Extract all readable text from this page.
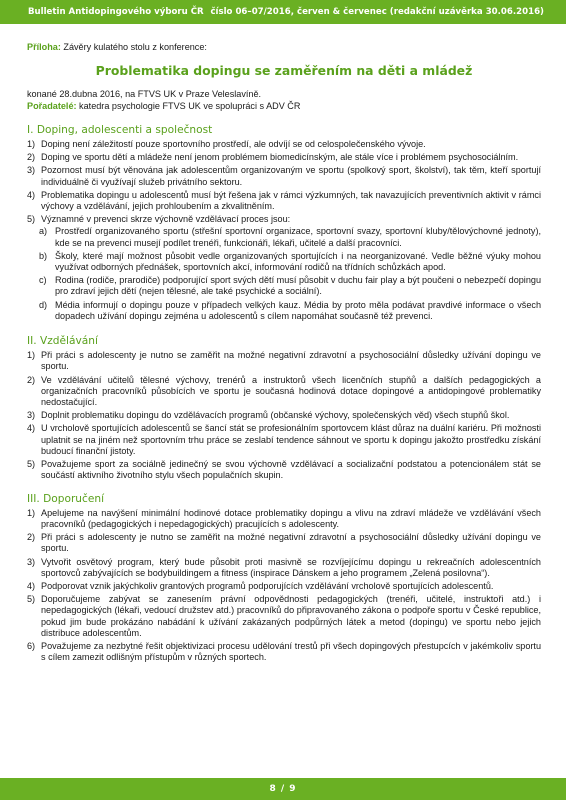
Bulletin Antidopingového výboru ČR číslo 06–07/2016, červen & červenec (redakční uzávěrka 30.06.2016)

Příloha: Závěry kulatého stolu z konference:

Problematika dopingu se zaměřením na děti a mládež

konané 28.dubna 2016, na FTVS UK v Praze Veleslavíně.

Pořadatelé: katedra psychologie FTVS UK ve spolupráci s ADV ČR

I. Doping, adolescenti a společnost
1) Doping není záležitostí pouze sportovního prostředí, ale odvíjí se od celospolečenského vývoje.
2) Doping ve sportu dětí a mládeže není jenom problémem biomedicínským, ale stále více i problémem psychosociálním.
3) Pozornost musí být věnována jak adolescentům organizovaným ve sportu (spolkový sport, školství), tak těm, kteří sportují individuálně či využívají služeb privátního sektoru.
4) Problematika dopingu u adolescentů musí být řešena jak v rámci výzkumných, tak navazujících preventivních aktivit v rámci výchovy a vzdělávání, jejich prohloubením a zkvalitněním.
5) Významné v prevenci skrze výchovně vzdělávací proces jsou:
a) Prostředí organizovaného sportu (střešní sportovní organizace, sportovní svazy, sportovní kluby/tělovýchovné jednoty), kde se na prevenci musejí podílet trenéři, funkcionáři, lékaři, učitelé a další pracovníci.
b) Školy, které mají možnost působit vedle organizovaných sportujících i na neorganizované. Vedle běžné výuky mohou využívat odborných přednášek, sportovních akcí, informování rodičů na třídních schůzkách apod.
c) Rodina (rodiče, prarodiče) podporující sport svých dětí musí působit v duchu fair play a být poučeni o nebezpečí dopingu pro zdraví jejich dětí (nejen tělesné, ale také psychické a sociální).
d) Média informují o dopingu pouze v případech velkých kauz. Média by proto měla podávat pravdivé informace o všech dopadech užívání dopingu zejména u adolescentů s cílem napomáhat současně též prevenci.
II. Vzdělávání
1) Při práci s adolescenty je nutno se zaměřit na možné negativní zdravotní a psychosociální důsledky užívání dopingu ve sportu.
2) Ve vzdělávání učitelů tělesné výchovy, trenérů a instruktorů všech licenčních stupňů a dalších pedagogických a organizačních pracovníků působících ve sportu je současná hodinová dotace dopingové a antidopingové problematiky nedostačující.
3) Doplnit problematiku dopingu do vzdělávacích programů (občanské výchovy, společenských věd) všech stupňů škol.
4) U vrcholově sportujících adolescentů se šancí stát se profesionálním sportovcem klást důraz na duální kariéru. Při možnosti uplatnit se na jiném než sportovním trhu práce se zeslabí tendence sáhnout ve sportu k dopingu jakožto prostředku získání budoucí finanční jistoty.
5) Považujeme sport za sociálně jedinečný se svou výchovně vzdělávací a socializační podstatou a potencionálem stát se součástí aktivního životního stylu všech populačních skupin.
III. Doporučení
1) Apelujeme na navýšení minimální hodinové dotace problematiky dopingu a vlivu na zdraví mládeže ve vzdělávání všech pracovníků (pedagogických i nepedagogických) pracujících s adolescenty.
2) Při práci s adolescenty je nutno se zaměřit na možné negativní zdravotní a psychosociální důsledky užívání dopingu ve sportu.
3) Vytvořit osvětový program, který bude působit proti masivně se rozvíjejícímu dopingu u rekreačních adolescentních sportovců zabývajících se bodybuildingem a fitness (inspirace Dánskem a jeho programem „Zelená posilovna“).
4) Podporovat vznik jakýchkoliv grantových programů podporujících vzdělávání vrcholově sportujících adolescentů.
5) Doporučujeme zabývat se zanesením právní odpovědnosti pedagogických (trenéři, učitelé, instruktoři atd.) i nepedagogických (lékaři, vedoucí družstev atd.) pracovníků do připravovaného zákona o podpoře sportu v České republice, pokud jim bude prokázáno nabádání k užívání zakázaných podpůrných látek a metod (dopingu) ve sportu nebo jejich distribuce adolescentům.
6) Považujeme za nezbytné řešit objektivizaci procesu udělování trestů při všech dopingových přestupcích v jakémkoliv sportu s cílem zamezit odlišným přístupům v různých sportech.
8 / 9
